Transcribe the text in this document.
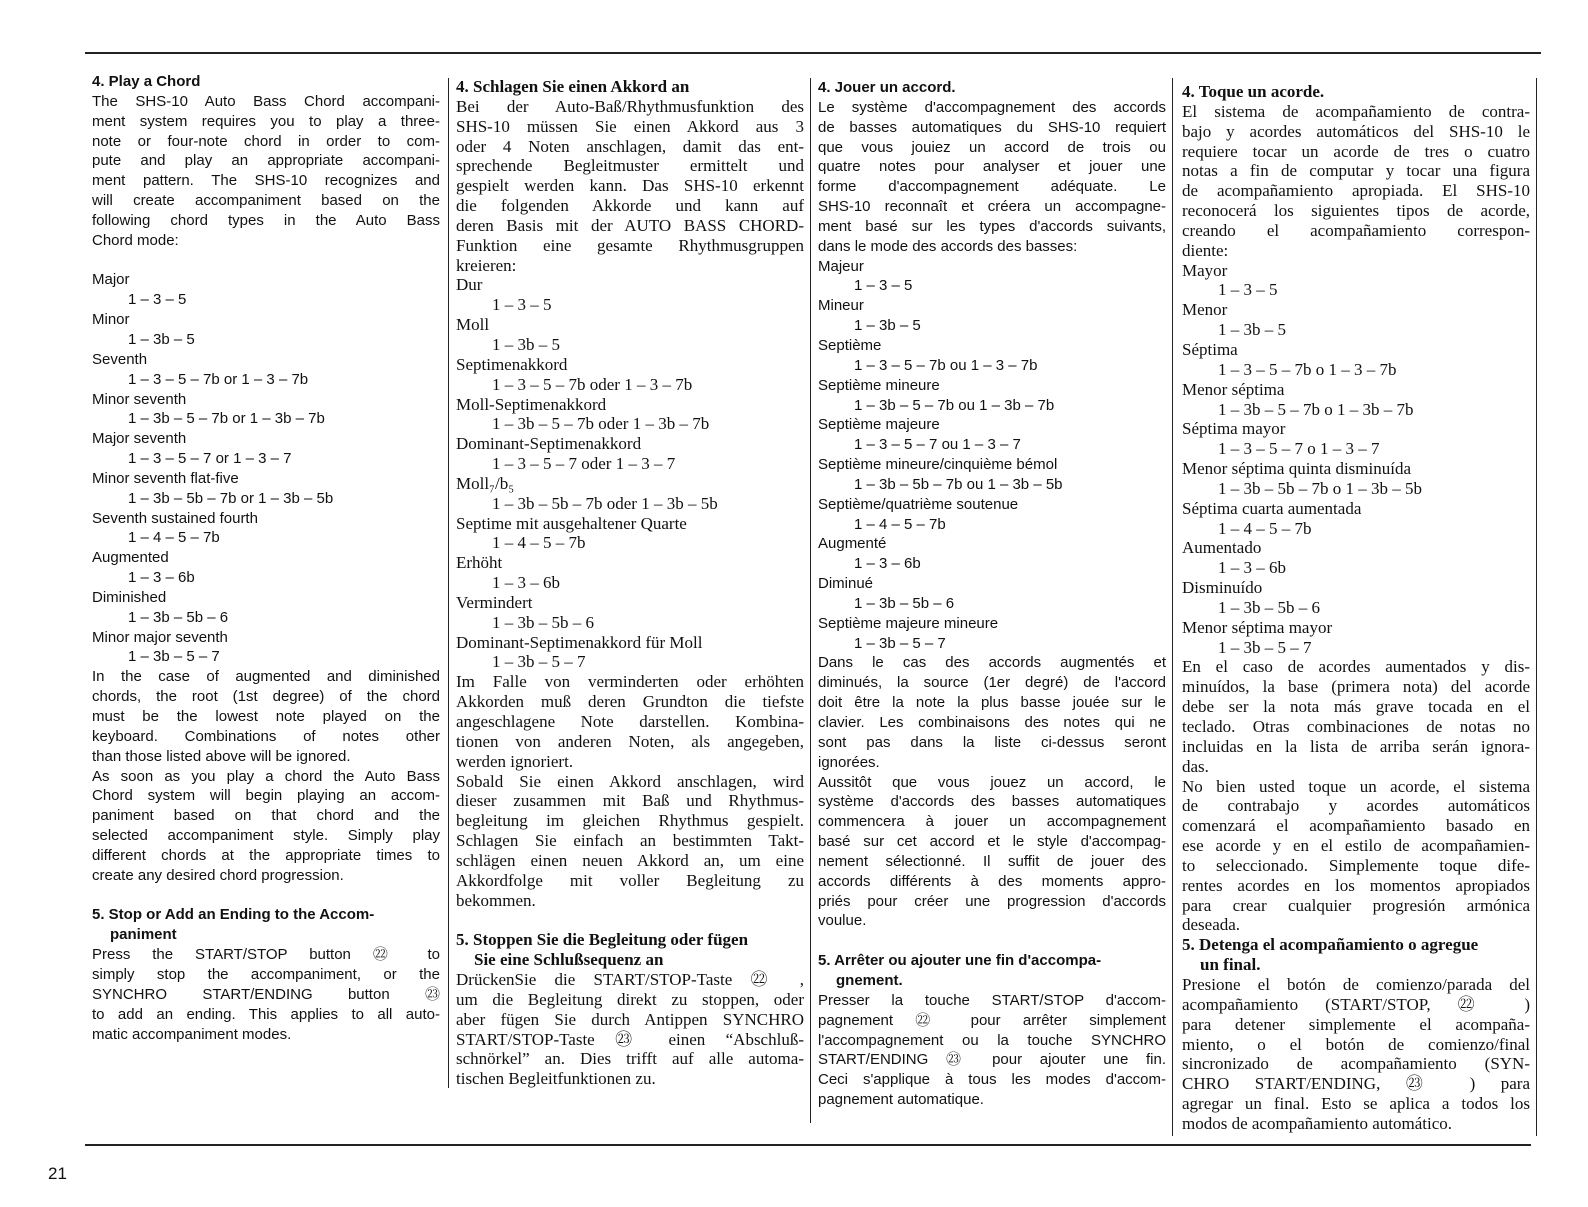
4. Play a Chord
The SHS-10 Auto Bass Chord accompani-
ment system requires you to play a three-
note or four-note chord in order to com-
pute and play an appropriate accompani-
ment pattern. The SHS-10 recognizes and
will create accompaniment based on the
following chord types in the Auto Bass
Chord mode:
Major
1 – 3 – 5
Minor
1 – 3b – 5
Seventh
1 – 3 – 5 – 7b or 1 – 3 – 7b
Minor seventh
1 – 3b – 5 – 7b or 1 – 3b – 7b
Major seventh
1 – 3 – 5 – 7 or 1 – 3 – 7
Minor seventh flat-five
1 – 3b – 5b – 7b or 1 – 3b – 5b
Seventh sustained fourth
1 – 4 – 5 – 7b
Augmented
1 – 3 – 6b
Diminished
1 – 3b – 5b – 6
Minor major seventh
1 – 3b – 5 – 7
In the case of augmented and diminished
chords, the root (1st degree) of the chord
must be the lowest note played on the
keyboard. Combinations of notes other
than those listed above will be ignored.
As soon as you play a chord the Auto Bass
Chord system will begin playing an accom-
paniment based on that chord and the
selected accompaniment style. Simply play
different chords at the appropriate times to
create any desired chord progression.
5. Stop or Add an Ending to the Accom-
paniment
Press the START/STOP button ㉒ to
simply stop the accompaniment, or the
SYNCHRO START/ENDING button ㉓
to add an ending. This applies to all auto-
matic accompaniment modes.
4. Schlagen Sie einen Akkord an
Bei der Auto-Baß/Rhythmusfunktion des
SHS-10 müssen Sie einen Akkord aus 3
oder 4 Noten anschlagen, damit das ent-
sprechende Begleitmuster ermittelt und
gespielt werden kann. Das SHS-10 erkennt
die folgenden Akkorde und kann auf
deren Basis mit der AUTO BASS CHORD-
Funktion eine gesamte Rhythmusgruppen
kreieren:
Dur
1 – 3 – 5
Moll
1 – 3b – 5
Septimenakkord
1 – 3 – 5 – 7b oder 1 – 3 – 7b
Moll-Septimenakkord
1 – 3b – 5 – 7b oder 1 – 3b – 7b
Dominant-Septimenakkord
1 – 3 – 5 – 7 oder 1 – 3 – 7
Moll₇/b₅
1 – 3b – 5b – 7b oder 1 – 3b – 5b
Septime mit ausgehaltener Quarte
1 – 4 – 5 – 7b
Erhöht
1 – 3 – 6b
Vermindert
1 – 3b – 5b – 6
Dominant-Septimenakkord für Moll
1 – 3b – 5 – 7
Im Falle von verminderten oder erhöhten
Akkorden muß deren Grundton die tiefste
angeschlagene Note darstellen. Kombina-
tionen von anderen Noten, als angegeben,
werden ignoriert.
Sobald Sie einen Akkord anschlagen, wird
dieser zusammen mit Baß und Rhythmus-
begleitung im gleichen Rhythmus gespielt.
Schlagen Sie einfach an bestimmten Takt-
schlägen einen neuen Akkord an, um eine
Akkordfolge mit voller Begleitung zu
bekommen.
5. Stoppen Sie die Begleitung oder fügen
Sie eine Schlußsequenz an
DrückenSie die START/STOP-Taste ㉒ ,
um die Begleitung direkt zu stoppen, oder
aber fügen Sie durch Antippen SYNCHRO
START/STOP-Taste ㉓ einen “Abschluß-
schnörkel” an. Dies trifft auf alle automa-
tischen Begleitfunktionen zu.
4. Jouer un accord.
Le système d'accompagnement des accords
de basses automatiques du SHS-10 requiert
que vous jouiez un accord de trois ou
quatre notes pour analyser et jouer une
forme d'accompagnement adéquate. Le
SHS-10 reconnaît et créera un accompagne-
ment basé sur les types d'accords suivants,
dans le mode des accords des basses:
Majeur
1 – 3 – 5
Mineur
1 – 3b – 5
Septième
1 – 3 – 5 – 7b ou 1 – 3 – 7b
Septième mineure
1 – 3b – 5 – 7b ou 1 – 3b – 7b
Septième majeure
1 – 3 – 5 – 7 ou 1 – 3 – 7
Septième mineure/cinquième bémol
1 – 3b – 5b – 7b ou 1 – 3b – 5b
Septième/quatrième soutenue
1 – 4 – 5 – 7b
Augmenté
1 – 3 – 6b
Diminué
1 – 3b – 5b – 6
Septième majeure mineure
1 – 3b – 5 – 7
Dans le cas des accords augmentés et
diminués, la source (1er degré) de l'accord
doit être la note la plus basse jouée sur le
clavier. Les combinaisons des notes qui ne
sont pas dans la liste ci-dessus seront
ignorées.
Aussitôt que vous jouez un accord, le
système d'accords des basses automatiques
commencera à jouer un accompagnement
basé sur cet accord et le style d'accompag-
nement sélectionné. Il suffit de jouer des
accords différents à des moments appro-
priés pour créer une progression d'accords
voulue.
5. Arrêter ou ajouter une fin d'accompa-
gnement.
Presser la touche START/STOP d'accom-
pagnement ㉒ pour arrêter simplement
l'accompagnement ou la touche SYNCHRO
START/ENDING ㉓ pour ajouter une fin.
Ceci s'applique à tous les modes d'accom-
pagnement automatique.
4. Toque un acorde.
El sistema de acompañamiento de contra-
bajo y acordes automáticos del SHS-10 le
requiere tocar un acorde de tres o cuatro
notas a fin de computar y tocar una figura
de acompañamiento apropiada. El SHS-10
reconocerá los siguientes tipos de acorde,
creando el acompañamiento correspon-
diente:
Mayor
1 – 3 – 5
Menor
1 – 3b – 5
Séptima
1 – 3 – 5 – 7b o 1 – 3 – 7b
Menor séptima
1 – 3b – 5 – 7b o 1 – 3b – 7b
Séptima mayor
1 – 3 – 5 – 7 o 1 – 3 – 7
Menor séptima quinta disminuída
1 – 3b – 5b – 7b o 1 – 3b – 5b
Séptima cuarta aumentada
1 – 4 – 5 – 7b
Aumentado
1 – 3 – 6b
Disminuído
1 – 3b – 5b – 6
Menor séptima mayor
1 – 3b – 5 – 7
En el caso de acordes aumentados y dis-
minuídos, la base (primera nota) del acorde
debe ser la nota más grave tocada en el
teclado. Otras combinaciones de notas no
incluidas en la lista de arriba serán ignora-
das.
No bien usted toque un acorde, el sistema
de contrabajo y acordes automáticos
comenzará el acompañamiento basado en
ese acorde y en el estilo de acompañamien-
to seleccionado. Simplemente toque dife-
rentes acordes en los momentos apropiados
para crear cualquier progresión armónica
deseada.
5. Detenga el acompañamiento o agregue
un final.
Presione el botón de comienzo/parada del
acompañamiento (START/STOP, ㉒ )
para detener simplemente el acompaña-
miento, o el botón de comienzo/final
sincronizado de acompañamiento (SYN-
CHRO START/ENDING, ㉓ ) para
agregar un final. Esto se aplica a todos los
modos de acompañamiento automático.
21
